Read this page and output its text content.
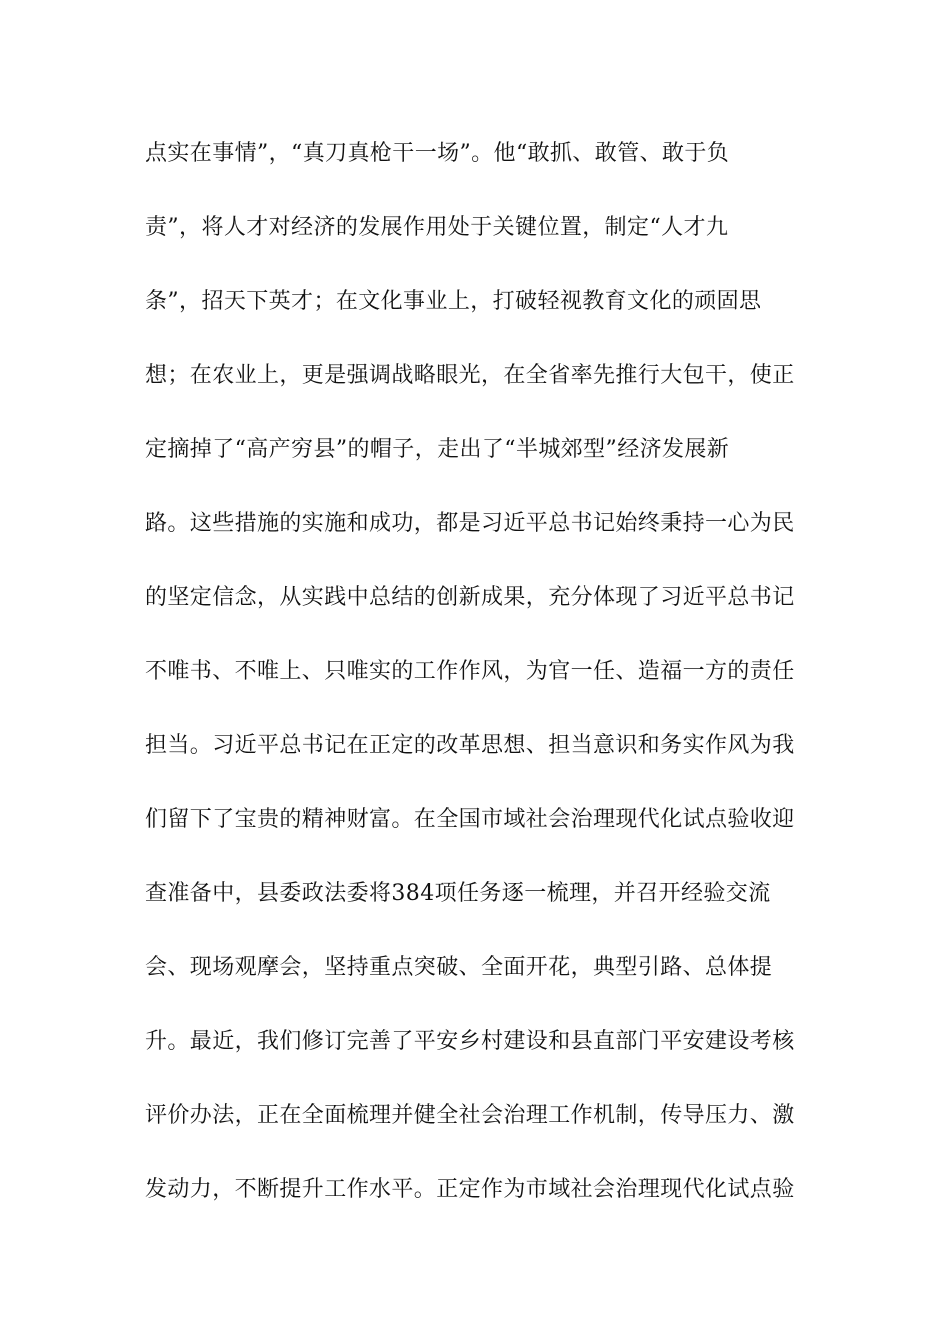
点实在事情”，“真刀真枪干一场”。他“敢抓、敢管、敢于负
责”，将人才对经济的发展作用处于关键位置，制定“人才九
条”，招天下英才；在文化事业上，打破轻视教育文化的顽固思
想；在农业上，更是强调战略眼光，在全省率先推行大包干，使正
定摘掉了“高产穷县”的帽子，走出了“半城郊型”经济发展新
路。这些措施的实施和成功，都是习近平总书记始终秉持一心为民
的坚定信念，从实践中总结的创新成果，充分体现了习近平总书记
不唯书、不唯上、只唯实的工作作风，为官一任、造福一方的责任
担当。习近平总书记在正定的改革思想、担当意识和务实作风为我
们留下了宝贵的精神财富。在全国市域社会治理现代化试点验收迎
查准备中，县委政法委将384项任务逐一梳理，并召开经验交流
会、现场观摩会，坚持重点突破、全面开花，典型引路、总体提
升。最近，我们修订完善了平安乡村建设和县直部门平安建设考核
评价办法，正在全面梳理并健全社会治理工作机制，传导压力、激
发动力，不断提升工作水平。正定作为市域社会治理现代化试点验
